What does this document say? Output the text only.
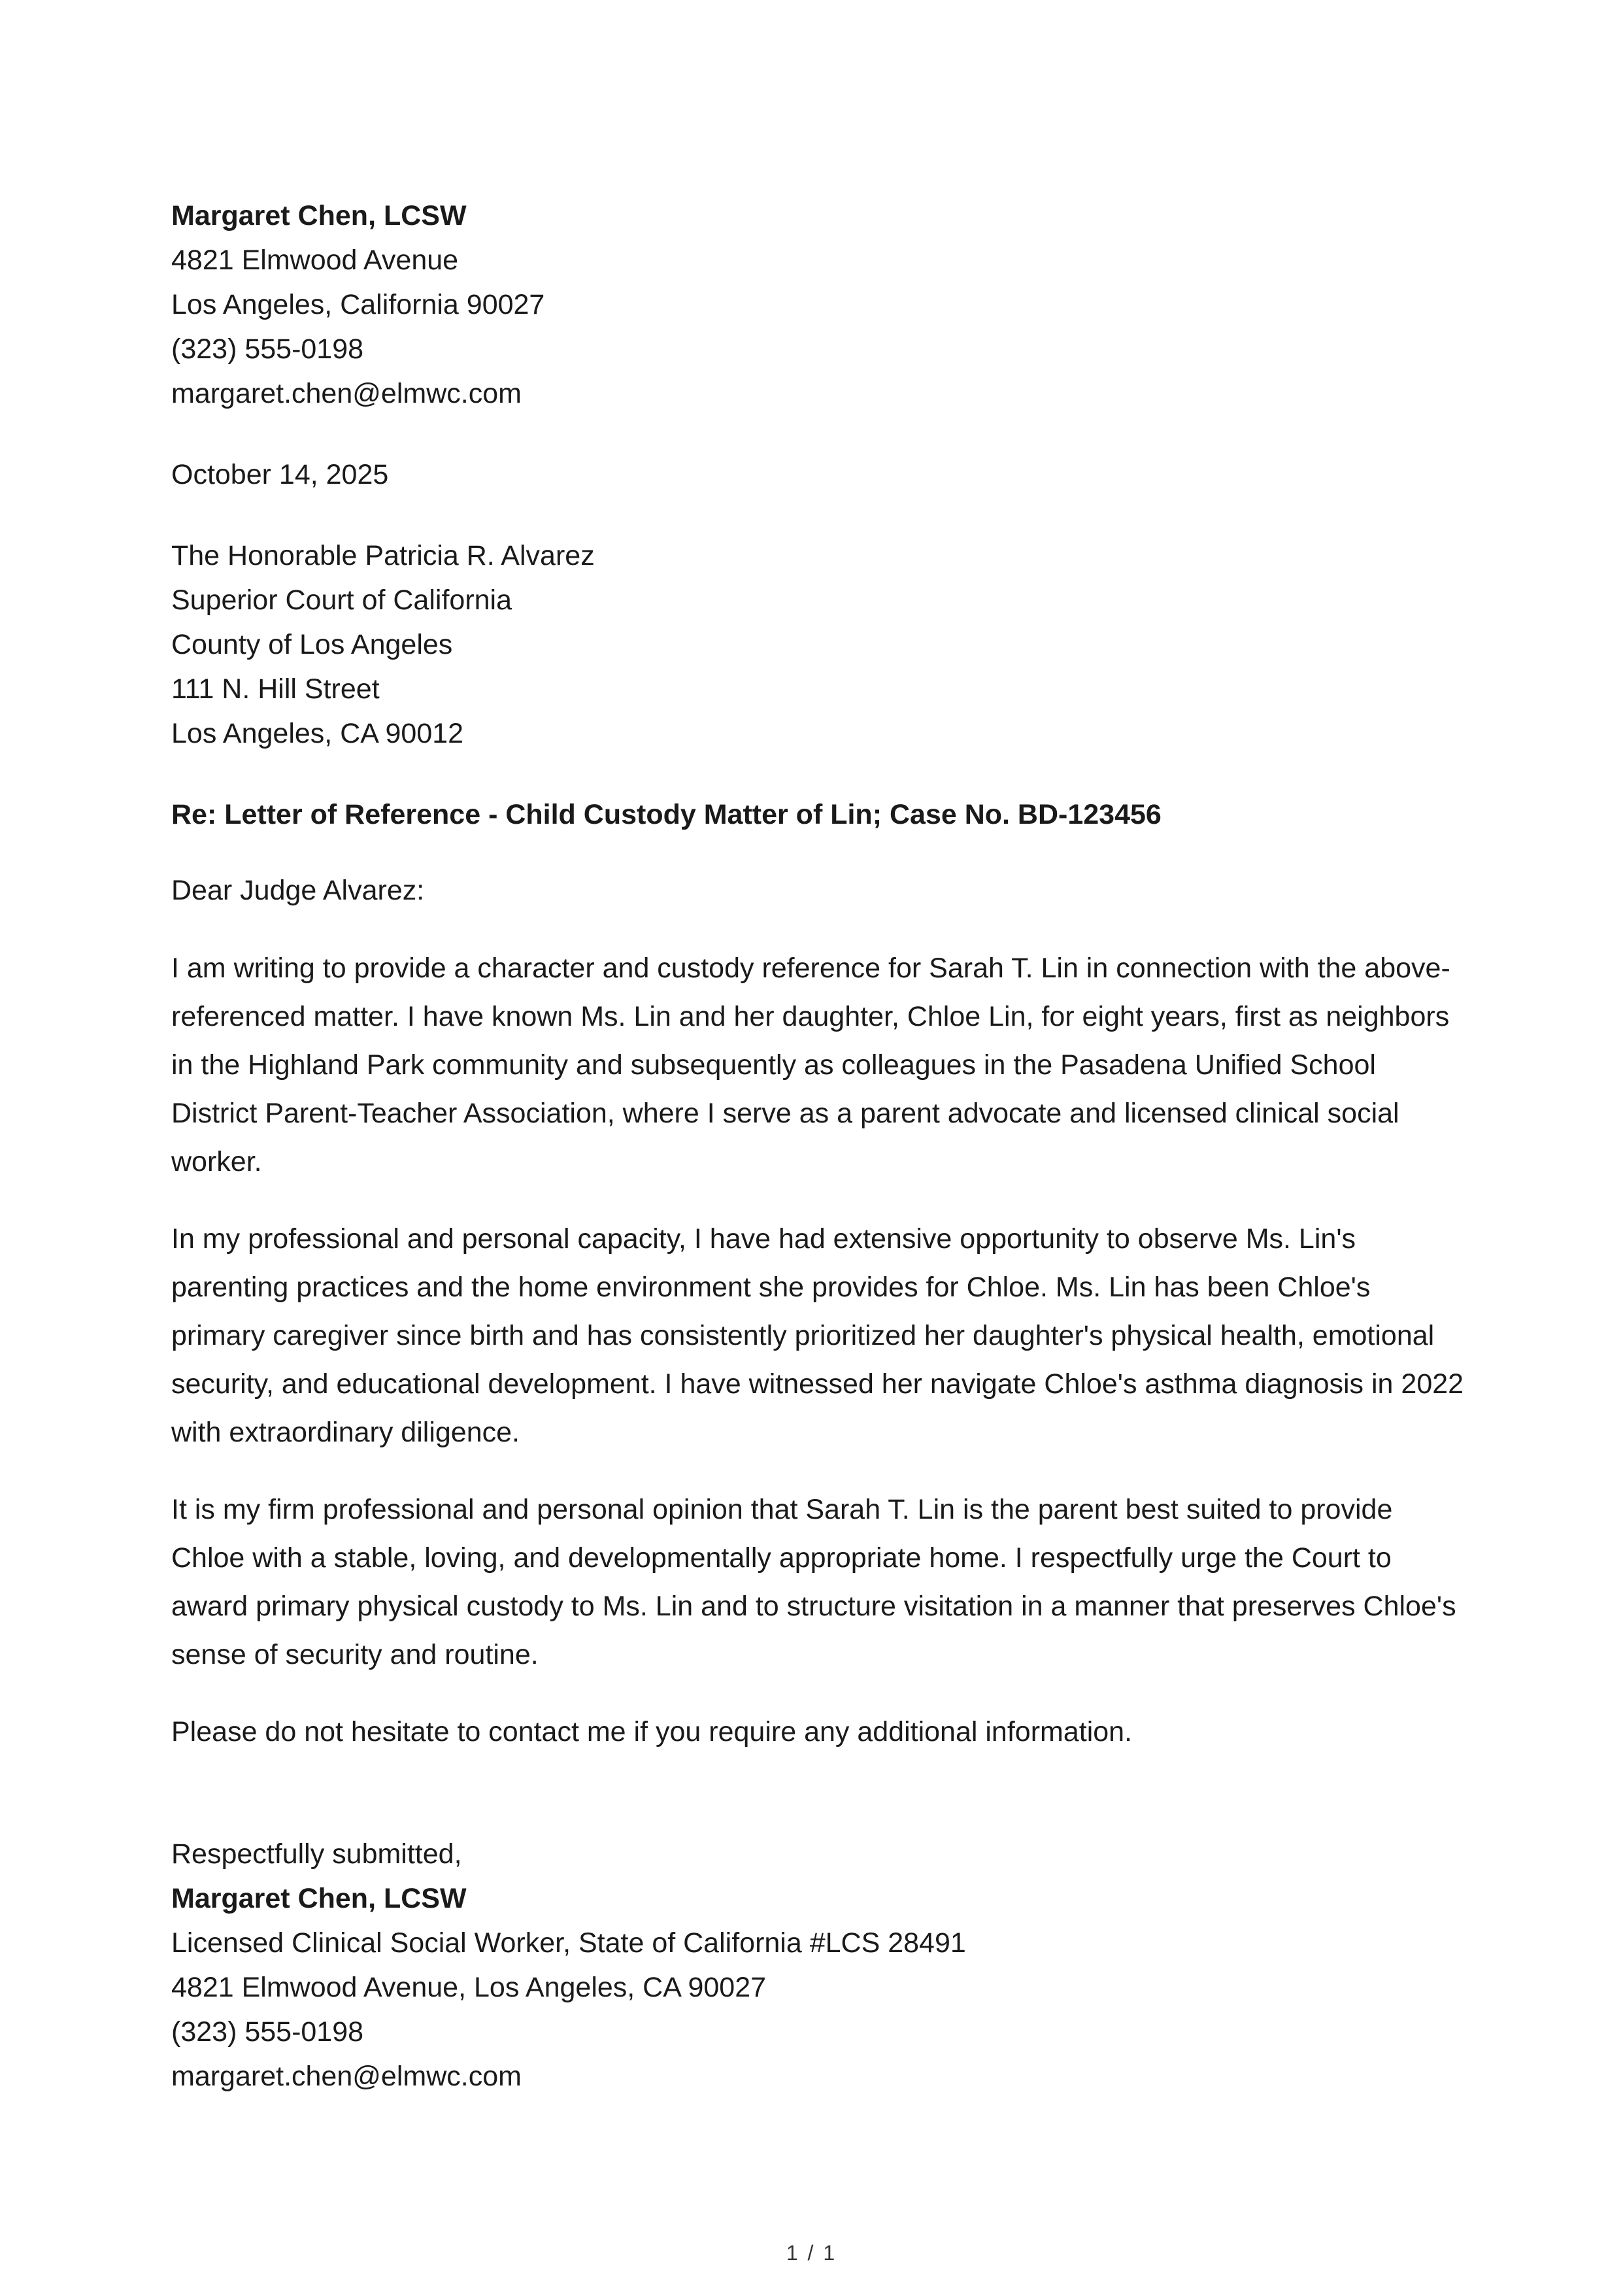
Margaret Chen, LCSW
4821 Elmwood Avenue
Los Angeles, California 90027
(323) 555-0198
margaret.chen@elmwc.com
October 14, 2025
The Honorable Patricia R. Alvarez
Superior Court of California
County of Los Angeles
111 N. Hill Street
Los Angeles, CA 90012
Re: Letter of Reference - Child Custody Matter of Lin; Case No. BD-123456
Dear Judge Alvarez:

I am writing to provide a character and custody reference for Sarah T. Lin in connection with the above-referenced matter. I have known Ms. Lin and her daughter, Chloe Lin, for eight years, first as neighbors in the Highland Park community and subsequently as colleagues in the Pasadena Unified School District Parent-Teacher Association, where I serve as a parent advocate and licensed clinical social worker.

In my professional and personal capacity, I have had extensive opportunity to observe Ms. Lin's parenting practices and the home environment she provides for Chloe. Ms. Lin has been Chloe's primary caregiver since birth and has consistently prioritized her daughter's physical health, emotional security, and educational development. I have witnessed her navigate Chloe's asthma diagnosis in 2022 with extraordinary diligence.

It is my firm professional and personal opinion that Sarah T. Lin is the parent best suited to provide Chloe with a stable, loving, and developmentally appropriate home. I respectfully urge the Court to award primary physical custody to Ms. Lin and to structure visitation in a manner that preserves Chloe's sense of security and routine.

Please do not hesitate to contact me if you require any additional information.

Respectfully submitted,
Margaret Chen, LCSW
Licensed Clinical Social Worker, State of California #LCS 28491
4821 Elmwood Avenue, Los Angeles, CA 90027
(323) 555-0198
margaret.chen@elmwc.com
1 / 1
